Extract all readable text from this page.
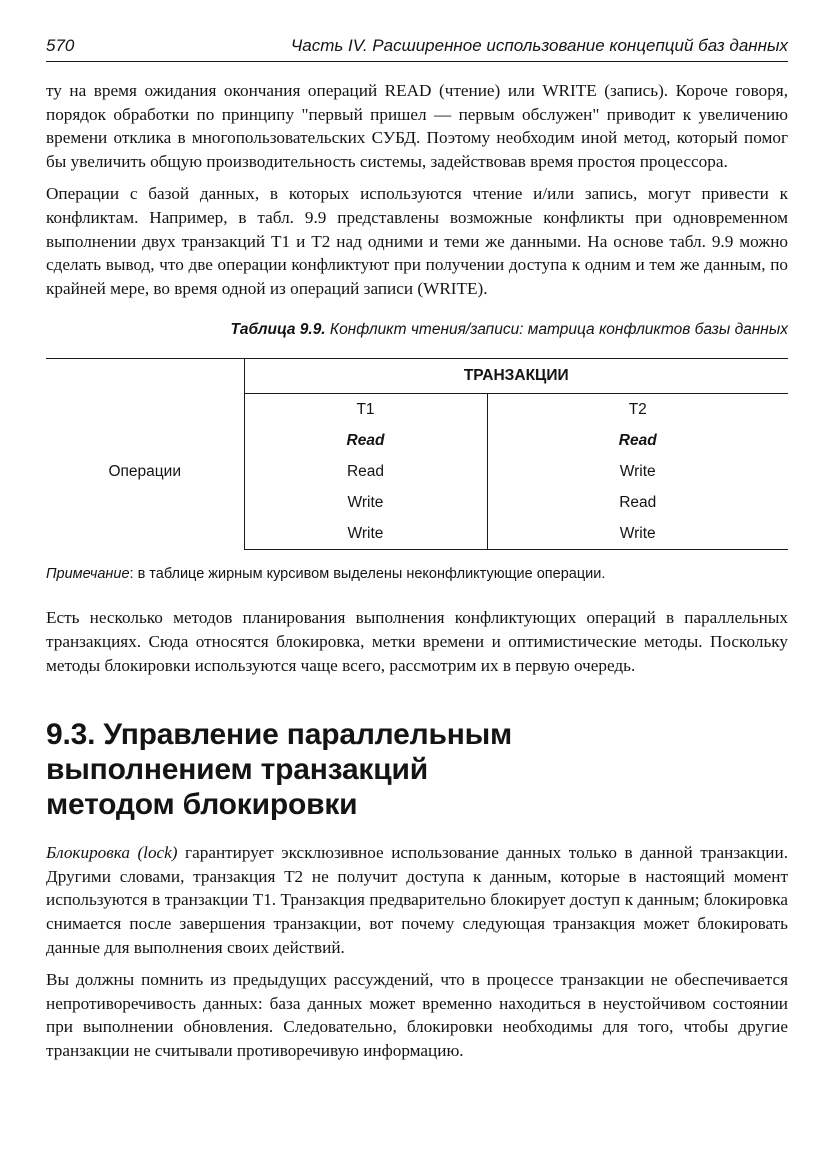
570	Часть IV. Расширенное использование концепций баз данных

ту на время ожидания окончания операций READ (чтение) или WRITE (запись). Короче говоря, порядок обработки по принципу "первый пришел — первым обслужен" приводит к увеличению времени отклика в многопользовательских СУБД. Поэтому необходим иной метод, который помог бы увеличить общую производительность системы, задействовав время простоя процессора.

Операции с базой данных, в которых используются чтение и/или запись, могут привести к конфликтам. Например, в табл. 9.9 представлены возможные конфликты при одновременном выполнении двух транзакций T1 и T2 над одними и теми же данными. На основе табл. 9.9 можно сделать вывод, что две операции конфликтуют при получении доступа к одним и тем же данным, по крайней мере, во время одной из операций записи (WRITE).

Таблица 9.9. Конфликт чтения/записи: матрица конфликтов базы данных
	ТРАНЗАКЦИИ	
Операции	T1	T2
	Read	Read
	Read	Write
	Write	Read
	Write	Write
Примечание: в таблице жирным курсивом выделены неконфликтующие операции.

Есть несколько методов планирования выполнения конфликтующих операций в параллельных транзакциях. Сюда относятся блокировка, метки времени и оптимистические методы. Поскольку методы блокировки используются чаще всего, рассмотрим их в первую очередь.

9.3. Управление параллельным
выполнением транзакций
методом блокировки

Блокировка (lock) гарантирует эксклюзивное использование данных только в данной транзакции. Другими словами, транзакция T2 не получит доступа к данным, которые в настоящий момент используются в транзакции T1. Транзакция предварительно блокирует доступ к данным; блокировка снимается после завершения транзакции, вот почему следующая транзакция может блокировать данные для выполнения своих действий.

Вы должны помнить из предыдущих рассуждений, что в процессе транзакции не обеспечивается непротиворечивость данных: база данных может временно находиться в неустойчивом состоянии при выполнении обновления. Следовательно, блокировки необходимы для того, чтобы другие транзакции не считывали противоречивую информацию.
